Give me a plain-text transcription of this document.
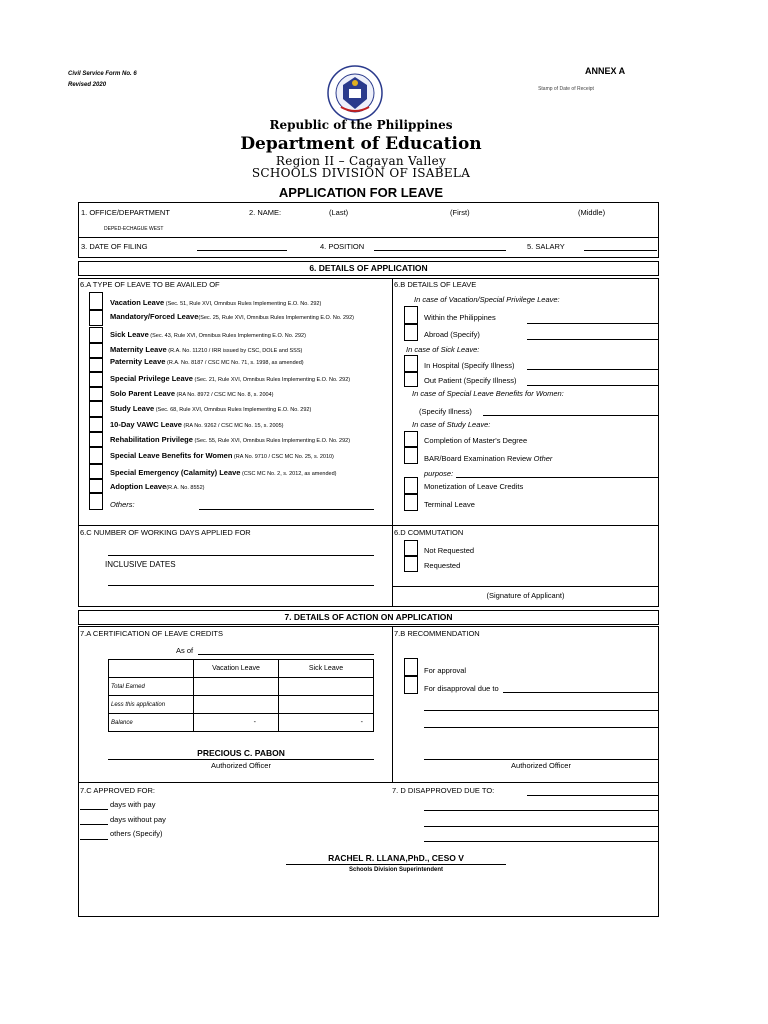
Civil Service Form No. 6
Revised 2020
ANNEX A
Stamp of Date of Receipt
Republic of the Philippines
Department of Education
Region II – Cagayan Valley
SCHOOLS DIVISION OF ISABELA
APPLICATION FOR LEAVE
1. OFFICE/DEPARTMENT
DEPED-ECHAGUE WEST
2. NAME:	(Last)	(First)	(Middle)
3. DATE OF FILING	4. POSITION	5. SALARY
6. DETAILS OF APPLICATION
6.A TYPE OF LEAVE TO BE AVAILED OF
Vacation Leave (Sec. 51, Rule XVI, Omnibus Rules Implementing E.O. No. 292)
Mandatory/Forced Leave(Sec. 25, Rule XVI, Omnibus Rules Implementing E.O. No. 292)
Sick Leave (Sec. 43, Rule XVI, Omnibus Rules Implementing E.O. No. 292)
Maternity Leave (R.A. No. 11210 / IRR issued by CSC, DOLE and SSS)
Paternity Leave (R.A. No. 8187 / CSC MC No. 71, s. 1998, as amended)
Special Privilege Leave (Sec. 21, Rule XVI, Omnibus Rules Implementing E.O. No. 292)
Solo Parent Leave (RA No. 8972 / CSC MC No. 8, s. 2004)
Study Leave (Sec. 68, Rule XVI, Omnibus Rules Implementing E.O. No. 292)
10-Day VAWC Leave (RA No. 9262 / CSC MC No. 15, s. 2005)
Rehabilitation Privilege (Sec. 55, Rule XVI, Omnibus Rules Implementing E.O. No. 292)
Special Leave Benefits for Women (RA No. 9710 / CSC MC No. 25, s. 2010)
Special Emergency (Calamity) Leave (CSC MC No. 2, s. 2012, as amended)
Adoption Leave(R.A. No. 8552)
Others:
6.B DETAILS OF LEAVE
In case of Vacation/Special Privilege Leave:
Within the Philippines
Abroad (Specify)
In case of Sick Leave:
In Hospital (Specify Illness)
Out Patient (Specify Illness)
In case of Special Leave Benefits for Women:
(Specify Illness)
In case of Study Leave:
Completion of Master's Degree
BAR/Board Examination Review Other
purpose:
Monetization of Leave Credits
Terminal Leave
6.C NUMBER OF WORKING DAYS APPLIED FOR
INCLUSIVE DATES
6.D COMMUTATION
Not Requested
Requested
(Signature of Applicant)
7. DETAILS OF ACTION ON APPLICATION
7.A CERTIFICATION OF LEAVE CREDITS
As of
	Vacation Leave	Sick Leave
Total Earned		
Less this application		
Balance	-	-
PRECIOUS C. PABON
Authorized Officer
7.B RECOMMENDATION
For approval
For disapproval due to
Authorized Officer
7.C APPROVED FOR:
days with pay
days without pay
others (Specify)
7. D DISAPPROVED DUE TO:
RACHEL R. LLANA,PhD., CESO V
Schools Division Superintendent
